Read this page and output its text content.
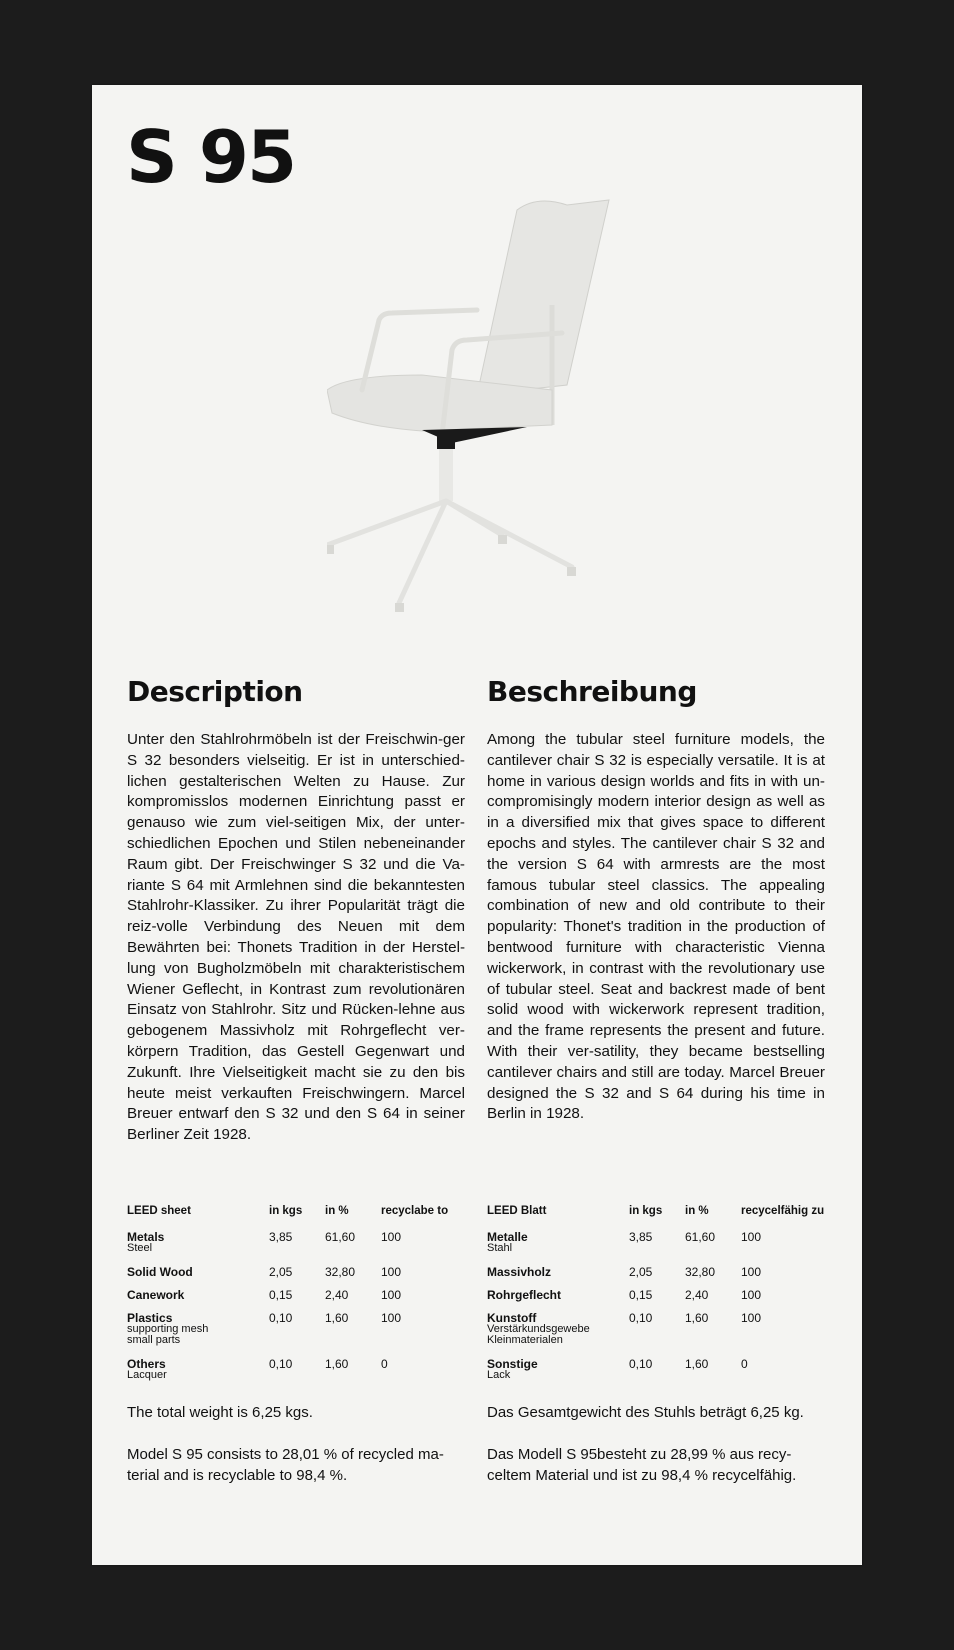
S 95
Description	Beschreibung

Unter den Stahlrohrmöbeln ist der Freischwin-ger S 32 besonders vielseitig. Er ist in unterschied-lichen gestalterischen Welten zu Hause. Zur kompromisslos modernen Einrichtung passt er genauso wie zum viel-seitigen Mix, der unter-schiedlichen Epochen und Stilen nebeneinander Raum gibt. Der Freischwinger S 32 und die Va-riante S 64 mit Armlehnen sind die bekanntesten Stahlrohr-Klassiker. Zu ihrer Popularität trägt die reiz-volle Verbindung des Neuen mit dem Bewährten bei: Thonets Tradition in der Herstel-lung von Bugholzmöbeln mit charakteristischem Wiener Geflecht, in Kontrast zum revolutionären Einsatz von Stahlrohr. Sitz und Rücken-lehne aus gebogenem Massivholz mit Rohrgeflecht ver-körpern Tradition, das Gestell Gegenwart und Zukunft. Ihre Vielseitigkeit macht sie zu den bis heute meist verkauften Freischwingern. Marcel Breuer entwarf den S 32 und den S 64 in seiner Berliner Zeit 1928.

Among the tubular steel furniture models, the cantilever chair S 32 is especially versatile. It is at home in various design worlds and fits in with un-compromisingly modern interior design as well as in a diversified mix that gives space to different epochs and styles. The cantilever chair S 32 and the version S 64 with armrests are the most famous tubular steel classics. The appealing combination of new and old contribute to their popularity: Thonet's tradition in the production of bentwood furniture with characteristic Vienna wickerwork, in contrast with the revolutionary use of tubular steel. Seat and backrest made of bent solid wood with wickerwork represent tradition, and the frame represents the present and future. With their ver-satility, they became bestselling cantilever chairs and still are today. Marcel Breuer designed the S 32 and S 64 during his time in Berlin in 1928.

LEED sheet	in kgs	in %	recyclabe to
Metals
Steel	3,85	61,60	100
Solid Wood	2,05	32,80	100
Canework	0,15	2,40	100
Plastics
supporting mesh
small parts	0,10	1,60	100
Others
Lacquer	0,10	1,60	0
LEED Blatt	in kgs	in %	recycelfähig zu
Metalle
Stahl	3,85	61,60	100
Massivholz	2,05	32,80	100
Rohrgeflecht	0,15	2,40	100
Kunstoff
Verstärkundsgewebe
Kleinmaterialen	0,10	1,60	100
Sonstige
Lack	0,10	1,60	0

The total weight is 6,25 kgs.	Das Gesamtgewicht des Stuhls beträgt 6,25 kg.

Model S 95 consists to 28,01 % of recycled ma-terial and is recyclable to 98,4 %.

Das Modell S 95besteht zu 28,99 % aus recy-celtem Material und ist zu 98,4 % recycelfähig.
